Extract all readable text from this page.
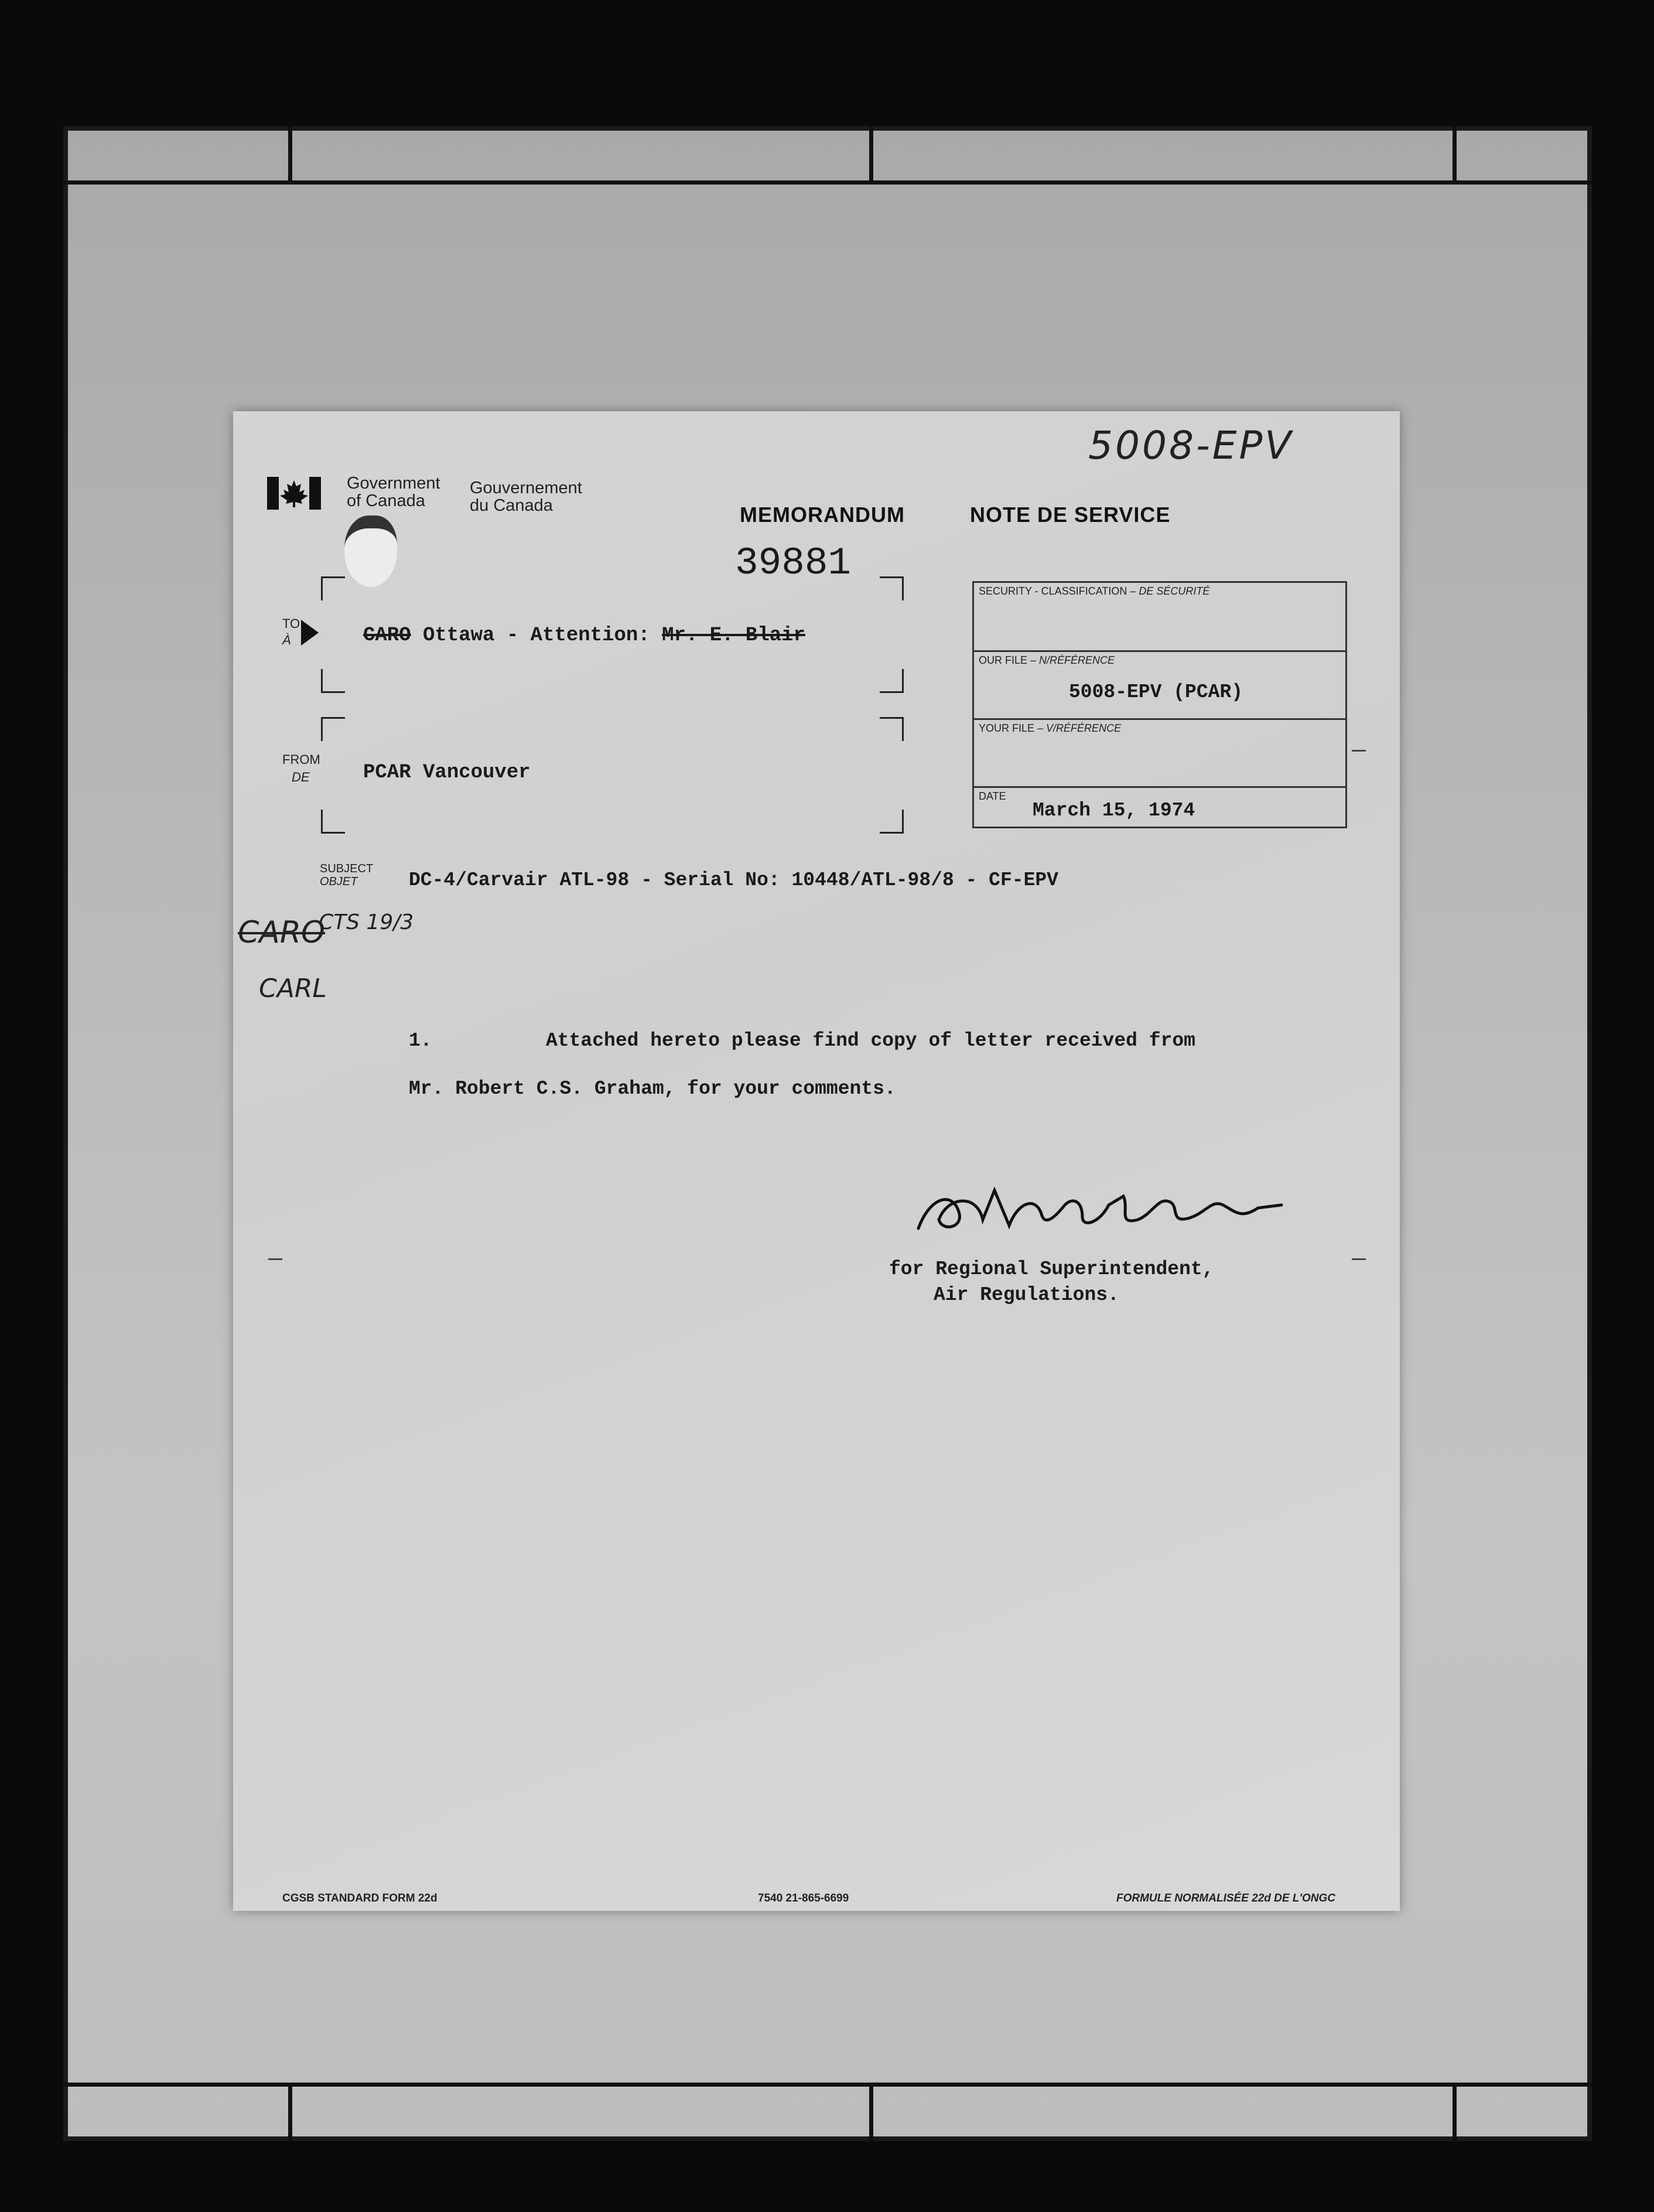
5008-EPV
Government
of Canada
Gouvernement
du Canada	MEMORANDUM	NOTE DE SERVICE
39881
TO
À	CARO Ottawa - Attention: Mr. E. Blair
FROM
DE	PCAR Vancouver
SECURITY - CLASSIFICATION – DE SÉCURITÉ
OUR FILE – N/RÉFÉRENCE
5008-EPV (PCAR)
YOUR FILE – V/RÉFÉRENCE
DATE
March 15, 1974
SUBJECT
OBJET	DC-4/Carvair ATL-98 - Serial No: 10448/ATL-98/8 - CF-EPV
CARO
CTS 19/3
CARL
1.	Attached hereto please find copy of letter received from
Mr. Robert C.S. Graham, for your comments.
for Regional Superintendent,
Air Regulations.
CGSB STANDARD FORM 22d	7540 21-865-6699	FORMULE NORMALISÉE 22d DE L'ONGC
